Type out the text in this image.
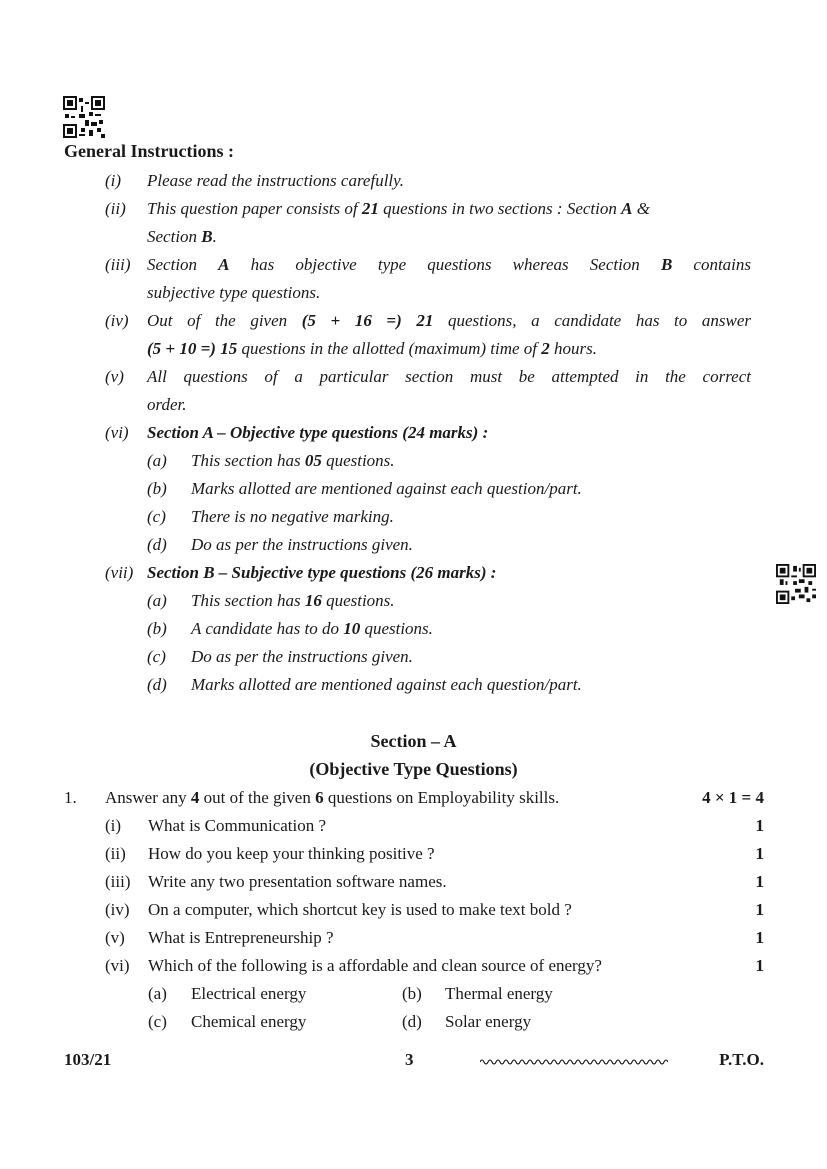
General Instructions :
(i) Please read the instructions carefully.
(ii) This question paper consists of 21 questions in two sections : Section A &
Section B.
(iii) Section A has objective type questions whereas Section B contains
subjective type questions.
(iv) Out of the given (5 + 16 =) 21 questions, a candidate has to answer
(5 + 10 =) 15 questions in the allotted (maximum) time of 2 hours.
(v) All questions of a particular section must be attempted in the correct
order.
(vi) Section A – Objective type questions (24 marks) :
(a) This section has 05 questions.
(b) Marks allotted are mentioned against each question/part.
(c) There is no negative marking.
(d) Do as per the instructions given.
(vii) Section B – Subjective type questions (26 marks) :
(a) This section has 16 questions.
(b) A candidate has to do 10 questions.
(c) Do as per the instructions given.
(d) Marks allotted are mentioned against each question/part.
Section – A
(Objective Type Questions)
1. Answer any 4 out of the given 6 questions on Employability skills.	4 × 1 = 4
(i) What is Communication ?	1
(ii) How do you keep your thinking positive ?	1
(iii) Write any two presentation software names.	1
(iv) On a computer, which shortcut key is used to make text bold ?	1
(v) What is Entrepreneurship ?	1
(vi) Which of the following is a affordable and clean source of energy?	1
(a) Electrical energy	(b) Thermal energy
(c) Chemical energy	(d) Solar energy
103/21	3	P.T.O.
